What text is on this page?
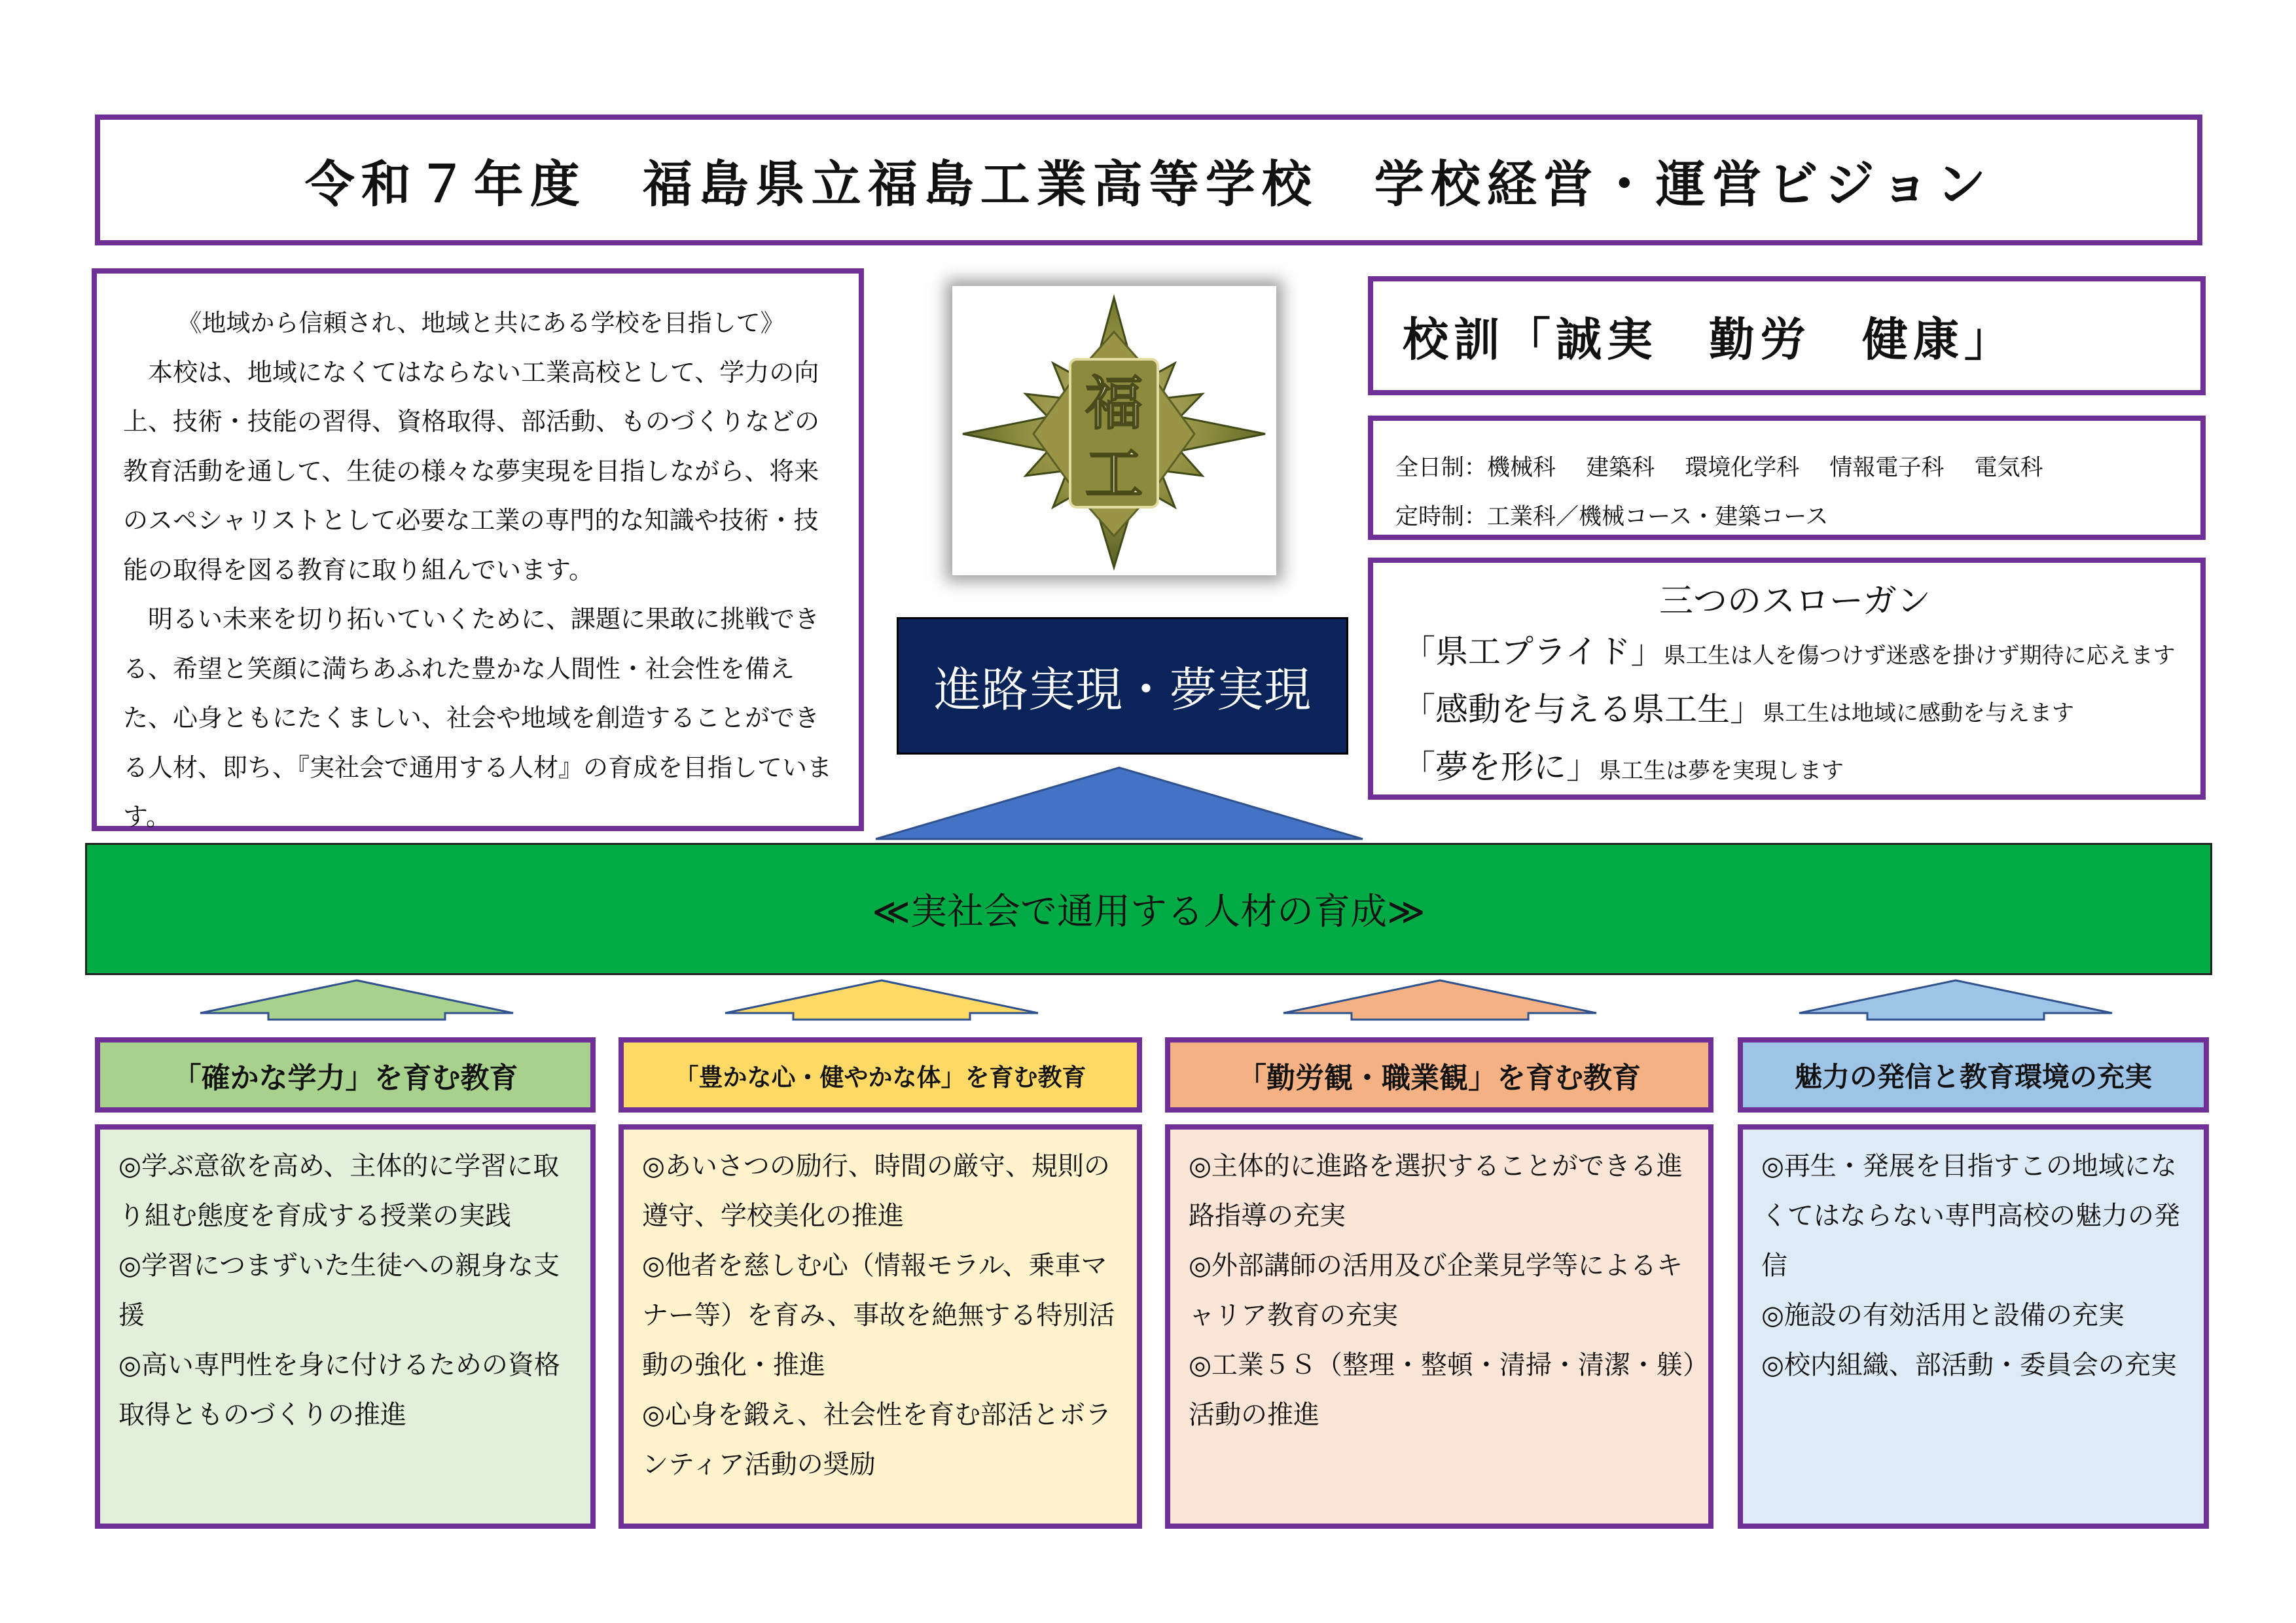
令和７年度　福島県立福島工業高等学校　学校経営・運営ビジョン

《地域から信頼され、地域と共にある学校を目指して》

本校は、地域になくてはならない工業高校として、学力の向上、技術・技能の習得、資格取得、部活動、ものづくりなどの教育活動を通して、生徒の様々な夢実現を目指しながら、将来のスペシャリストとして必要な工業の専門的な知識や技術・技能の取得を図る教育に取り組んでいます。

明るい未来を切り拓いていくために、課題に果敢に挑戦できる、希望と笑顔に満ちあふれた豊かな人間性・社会性を備えた、心身ともにたくましい、社会や地域を創造することができる人材、即ち、『実社会で通用する人材』の育成を目指しています。

福
工
進路実現・夢実現
校訓「誠実　勤労　健康」

全日制：機械科　 建築科　 環境化学科　 情報電子科　 電気科

定時制：工業科／機械コース・建築コース

三つのスローガン

「県工プライド」県工生は人を傷つけず迷惑を掛けず期待に応えます

「感動を与える県工生」県工生は地域に感動を与えます

「夢を形に」県工生は夢を実現します

≪実社会で通用する人材の育成≫
「確かな学力」を育む教育

◎学ぶ意欲を高め、主体的に学習に取り組む態度を育成する授業の実践

◎学習につまずいた生徒への親身な支援

◎高い専門性を身に付けるための資格取得とものづくりの推進

「豊かな心・健やかな体」を育む教育

◎あいさつの励行、時間の厳守、規則の遵守、学校美化の推進

◎他者を慈しむ心（情報モラル、乗車マナー等）を育み、事故を絶無する特別活動の強化・推進

◎心身を鍛え、社会性を育む部活とボランティア活動の奨励

「勤労観・職業観」を育む教育

◎主体的に進路を選択することができる進路指導の充実

◎外部講師の活用及び企業見学等によるキャリア教育の充実

◎工業５Ｓ（整理・整頓・清掃・清潔・躾）活動の推進

魅力の発信と教育環境の充実

◎再生・発展を目指すこの地域になくてはならない専門高校の魅力の発信

◎施設の有効活用と設備の充実

◎校内組織、部活動・委員会の充実
